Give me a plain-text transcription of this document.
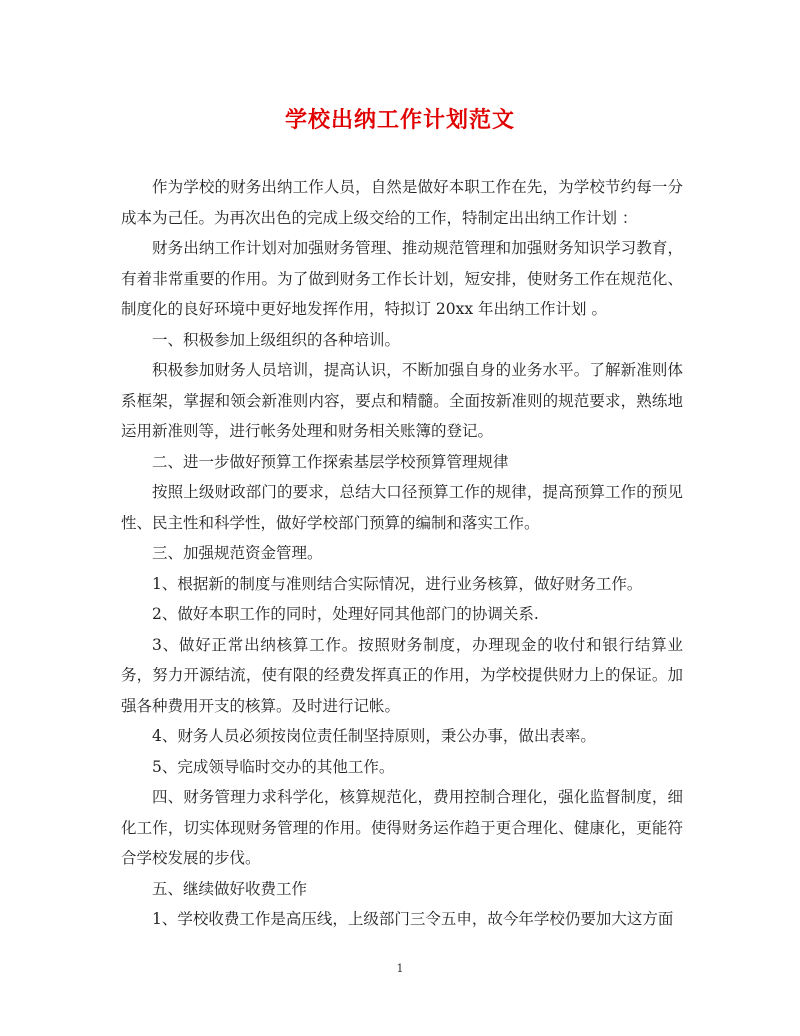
学校出纳工作计划范文

作为学校的财务出纳工作人员，自然是做好本职工作在先，为学校节约每一分成本为己任。为再次出色的完成上级交给的工作，特制定出出纳工作计划 ：

财务出纳工作计划对加强财务管理、推动规范管理和加强财务知识学习教育，有着非常重要的作用。为了做到财务工作长计划，短安排，使财务工作在规范化、制度化的良好环境中更好地发挥作用，特拟订 20xx 年出纳工作计划 。

一、积极参加上级组织的各种培训。

积极参加财务人员培训，提高认识，不断加强自身的业务水平。了解新准则体系框架，掌握和领会新准则内容，要点和精髓。全面按新准则的规范要求，熟练地运用新准则等，进行帐务处理和财务相关账簿的登记。

二、进一步做好预算工作探索基层学校预算管理规律

按照上级财政部门的要求，总结大口径预算工作的规律，提高预算工作的预见性、民主性和科学性，做好学校部门预算的编制和落实工作。

三、加强规范资金管理。

1、根据新的制度与准则结合实际情况，进行业务核算，做好财务工作。

2、做好本职工作的同时，处理好同其他部门的协调关系.

3、做好正常出纳核算工作。按照财务制度，办理现金的收付和银行结算业务，努力开源结流，使有限的经费发挥真正的作用，为学校提供财力上的保证。加强各种费用开支的核算。及时进行记帐。

4、财务人员必须按岗位责任制坚持原则，秉公办事，做出表率。

5、完成领导临时交办的其他工作。

四、财务管理力求科学化，核算规范化，费用控制合理化，强化监督制度，细化工作，切实体现财务管理的作用。使得财务运作趋于更合理化、健康化，更能符合学校发展的步伐。

五、继续做好收费工作

1、学校收费工作是高压线，上级部门三令五申，故今年学校仍要加大这方面

1
